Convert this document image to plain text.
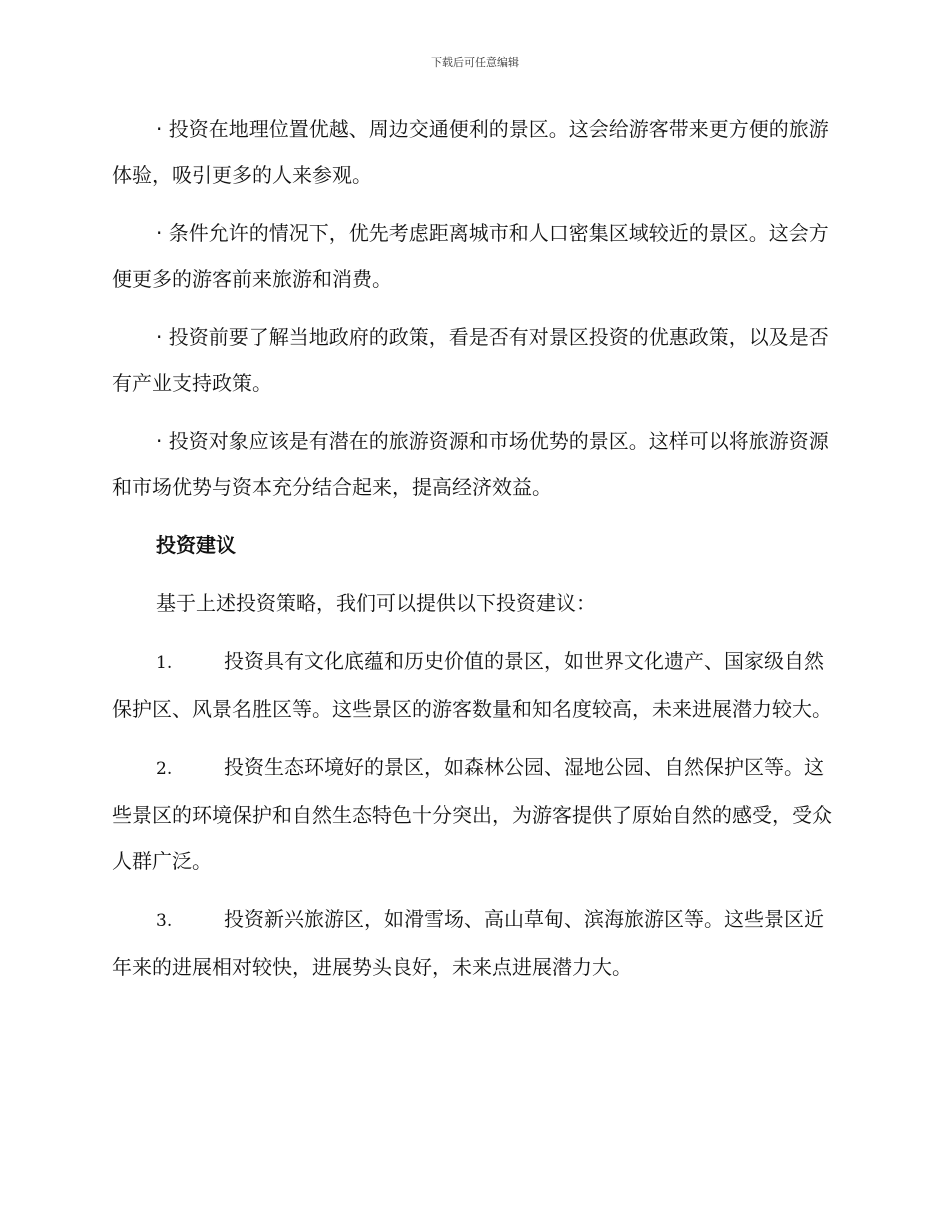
下载后可任意编辑

· 投资在地理位置优越、周边交通便利的景区。这会给游客带来更方便的旅游体验，吸引更多的人来参观。

· 条件允许的情况下，优先考虑距离城市和人口密集区域较近的景区。这会方便更多的游客前来旅游和消费。

· 投资前要了解当地政府的政策，看是否有对景区投资的优惠政策，以及是否有产业支持政策。

· 投资对象应该是有潜在的旅游资源和市场优势的景区。这样可以将旅游资源和市场优势与资本充分结合起来，提高经济效益。

投资建议

基于上述投资策略，我们可以提供以下投资建议：

1.	投资具有文化底蕴和历史价值的景区，如世界文化遗产、国家级自然保护区、风景名胜区等。这些景区的游客数量和知名度较高，未来进展潜力较大。

2.	投资生态环境好的景区，如森林公园、湿地公园、自然保护区等。这些景区的环境保护和自然生态特色十分突出，为游客提供了原始自然的感受，受众人群广泛。

3.	投资新兴旅游区，如滑雪场、高山草甸、滨海旅游区等。这些景区近年来的进展相对较快，进展势头良好，未来点进展潜力大。
